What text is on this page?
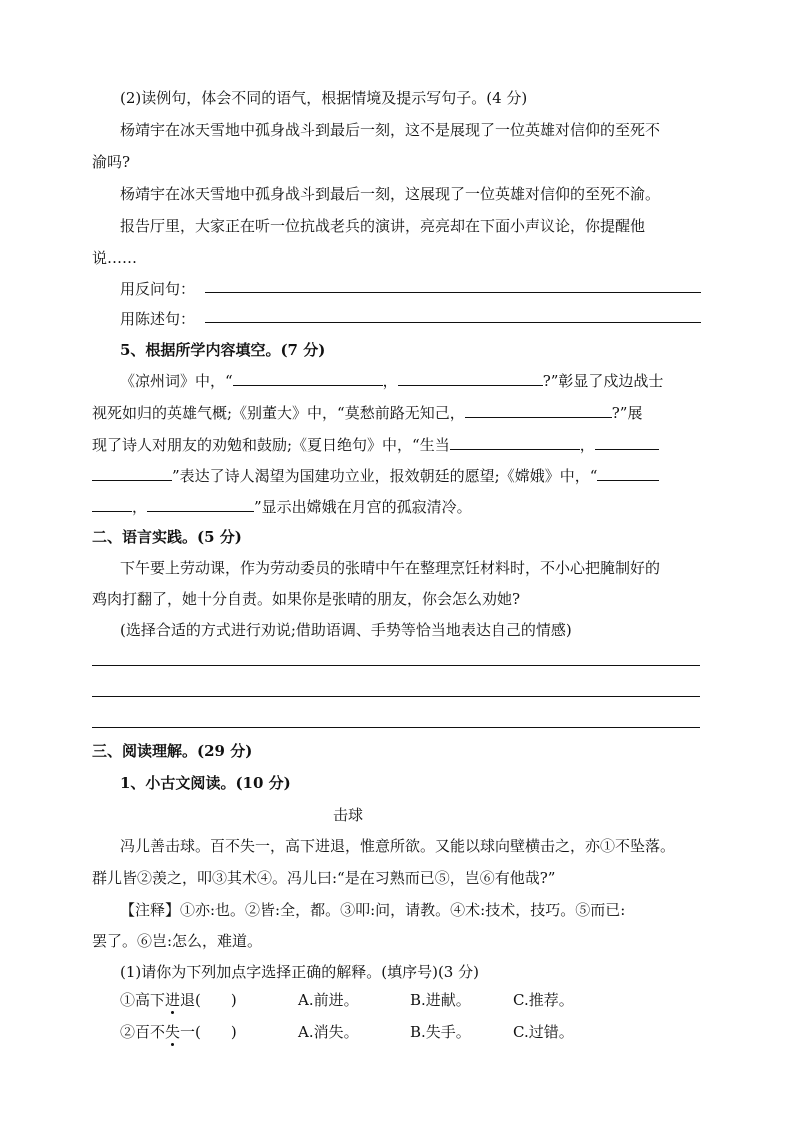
(2)读例句，体会不同的语气，根据情境及提示写句子。(4 分)
杨靖宇在冰天雪地中孤身战斗到最后一刻，这不是展现了一位英雄对信仰的至死不
渝吗?
杨靖宇在冰天雪地中孤身战斗到最后一刻，这展现了一位英雄对信仰的至死不渝。
报告厅里，大家正在听一位抗战老兵的演讲，亮亮却在下面小声议论，你提醒他
说……
用反问句：
用陈述句：
5、根据所学内容填空。(7 分)
《凉州词》中，“	，	?”彰显了戍边战士
视死如归的英雄气概;《别董大》中，“莫愁前路无知己，	?”展
现了诗人对朋友的劝勉和鼓励;《夏日绝句》中，“生当	，
”表达了诗人渴望为国建功立业，报效朝廷的愿望;《嫦娥》中，“
，	”显示出嫦娥在月宫的孤寂清冷。
二、语言实践。(5 分)
下午要上劳动课，作为劳动委员的张晴中午在整理烹饪材料时，不小心把腌制好的
鸡肉打翻了，她十分自责。如果你是张晴的朋友，你会怎么劝她?
(选择合适的方式进行劝说;借助语调、手势等恰当地表达自己的情感)
三、阅读理解。(29 分)
1、小古文阅读。(10 分)
击球
冯儿善击球。百不失一，高下进退，惟意所欲。又能以球向壁横击之，亦①不坠落。
群儿皆②羡之，叩③其术④。冯儿曰:“是在习熟而已⑤，岂⑥有他哉?”
【注释】①亦:也。②皆:全，都。③叩:问，请教。④术:技术，技巧。⑤而已:
罢了。⑥岂:怎么，难道。
(1)请你为下列加点字选择正确的解释。(填序号)(3 分)
①高下进退(　　)	A.前进。	B.进献。	C.推荐。
②百不失一(　　)	A.消失。	B.失手。	C.过错。
